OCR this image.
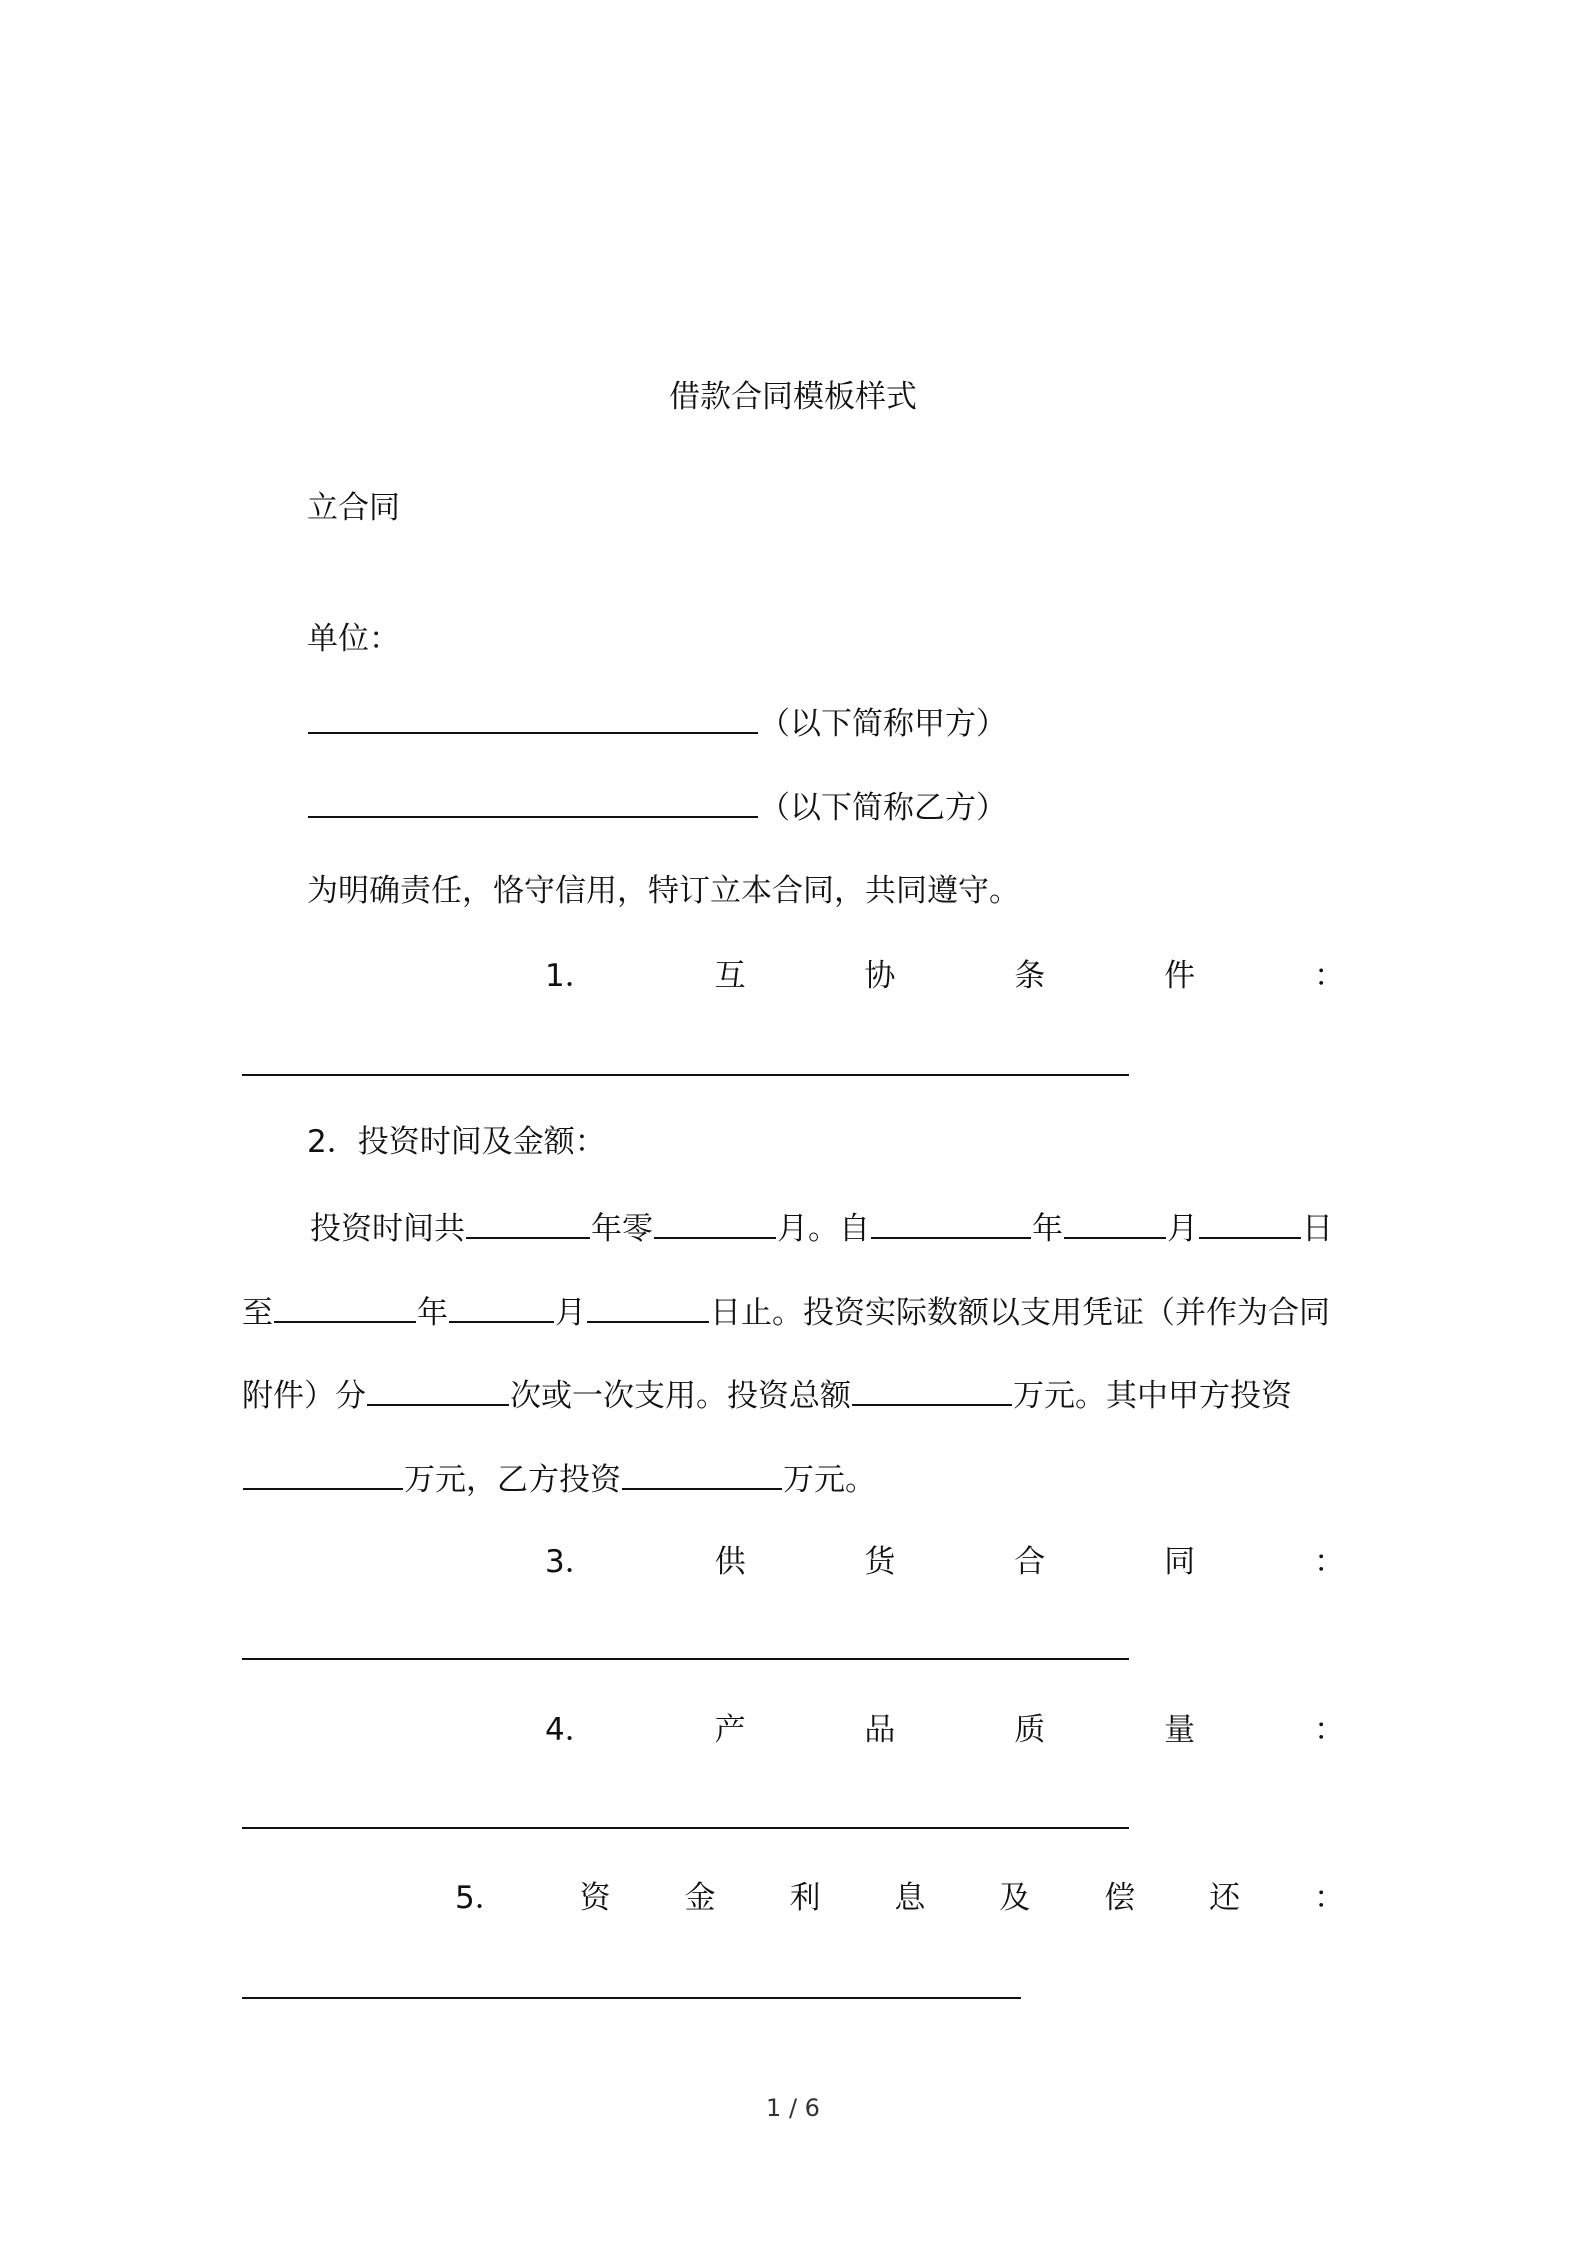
借款合同模板样式
立合同
单位：
（以下简称甲方）
（以下简称乙方）
为明确责任，恪守信用，特订立本合同，共同遵守。
1．	互	协	条	件	：
2．投资时间及金额：
投资时间共	年零	月。自	年	月	日
至	年	月	日止。投资实际数额以支用凭证（并作为合同
附件）分	次或一次支用。投资总额	万元。其中甲方投资
万元，乙方投资	万元。
3．	供	货	合	同	：
4．	产	品	质	量	：
5． 资 金 利 息 及 偿 还 ：
1 / 6
